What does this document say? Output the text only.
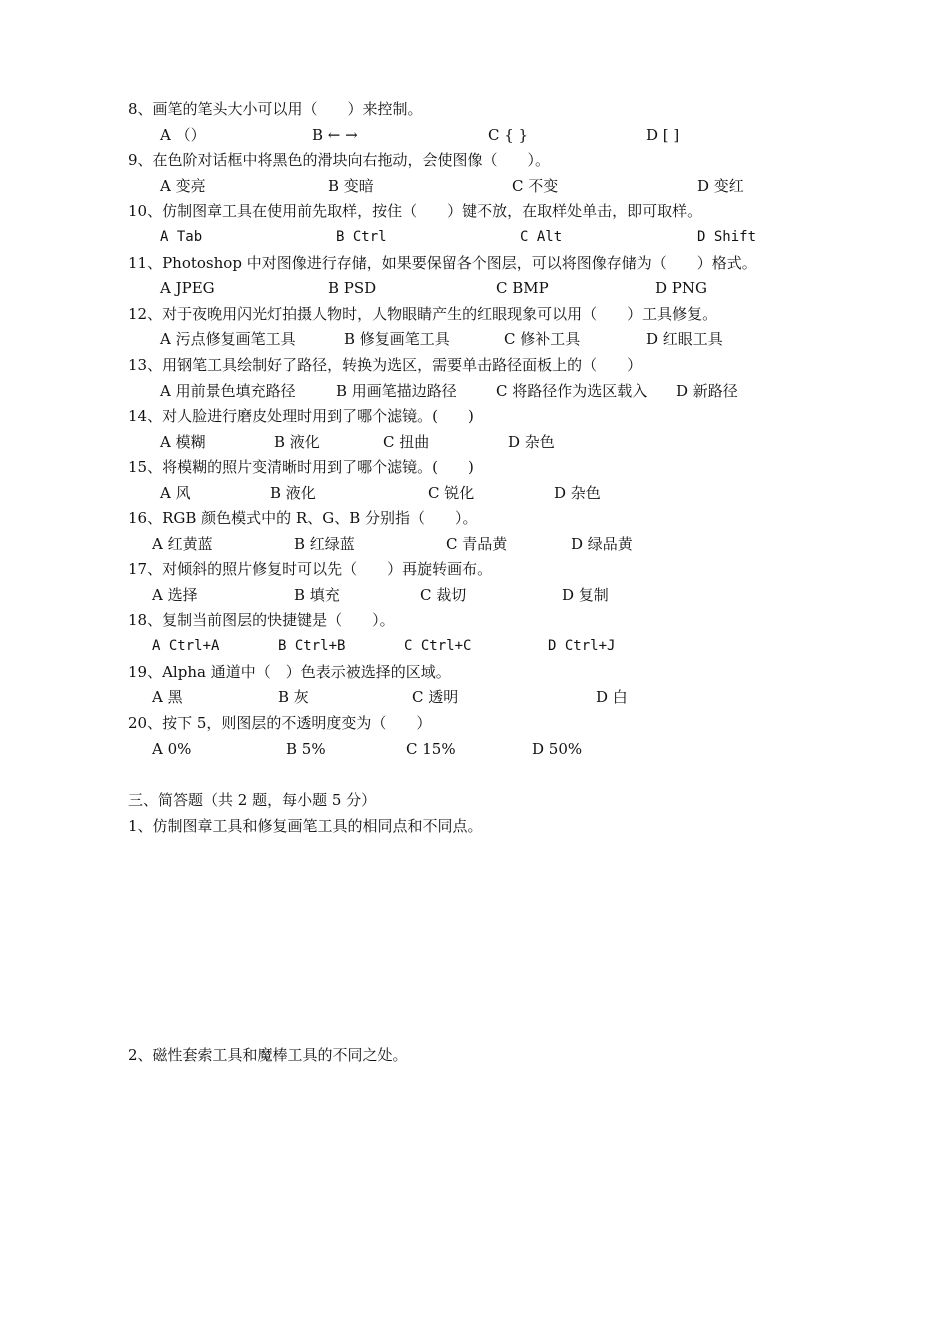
8、画笔的笔头大小可以用（　　）来控制。
A （）	B ← →	C { }	D [ ]
9、在色阶对话框中将黑色的滑块向右拖动，会使图像（　　）。
A 变亮	B 变暗	C 不变	D 变红
10、仿制图章工具在使用前先取样，按住（　　）键不放，在取样处单击，即可取样。
A Tab	B Ctrl	C Alt	D Shift
11、Photoshop 中对图像进行存储，如果要保留各个图层，可以将图像存储为（　　）格式。
A JPEG	B PSD	C BMP	D PNG
12、对于夜晚用闪光灯拍摄人物时，人物眼睛产生的红眼现象可以用（　　）工具修复。
A 污点修复画笔工具	B 修复画笔工具	C 修补工具	D 红眼工具
13、用钢笔工具绘制好了路径，转换为选区，需要单击路径面板上的（　　）
A 用前景色填充路径	B 用画笔描边路径	C 将路径作为选区载入 D 新路径
14、对人脸进行磨皮处理时用到了哪个滤镜。(　　)
A 模糊	B 液化	C 扭曲	D 杂色
15、将模糊的照片变清晰时用到了哪个滤镜。(　　)
A 风	B 液化	C 锐化	D 杂色
16、RGB 颜色模式中的 R、G、B 分别指（　　）。
A 红黄蓝	B 红绿蓝	C 青品黄	D 绿品黄
17、对倾斜的照片修复时可以先（　　）再旋转画布。
A 选择	B 填充	C 裁切	D 复制
18、复制当前图层的快捷键是（　　）。
A Ctrl+A	B Ctrl+B	C Ctrl+C	D Ctrl+J
19、Alpha 通道中（　）色表示被选择的区域。
A 黑	B 灰	C 透明	D 白
20、按下 5，则图层的不透明度变为（　　）
A 0%	B 5%	C 15%	D 50%
三、简答题（共 2 题，每小题 5 分）
1、仿制图章工具和修复画笔工具的相同点和不同点。
2、磁性套索工具和魔棒工具的不同之处。
